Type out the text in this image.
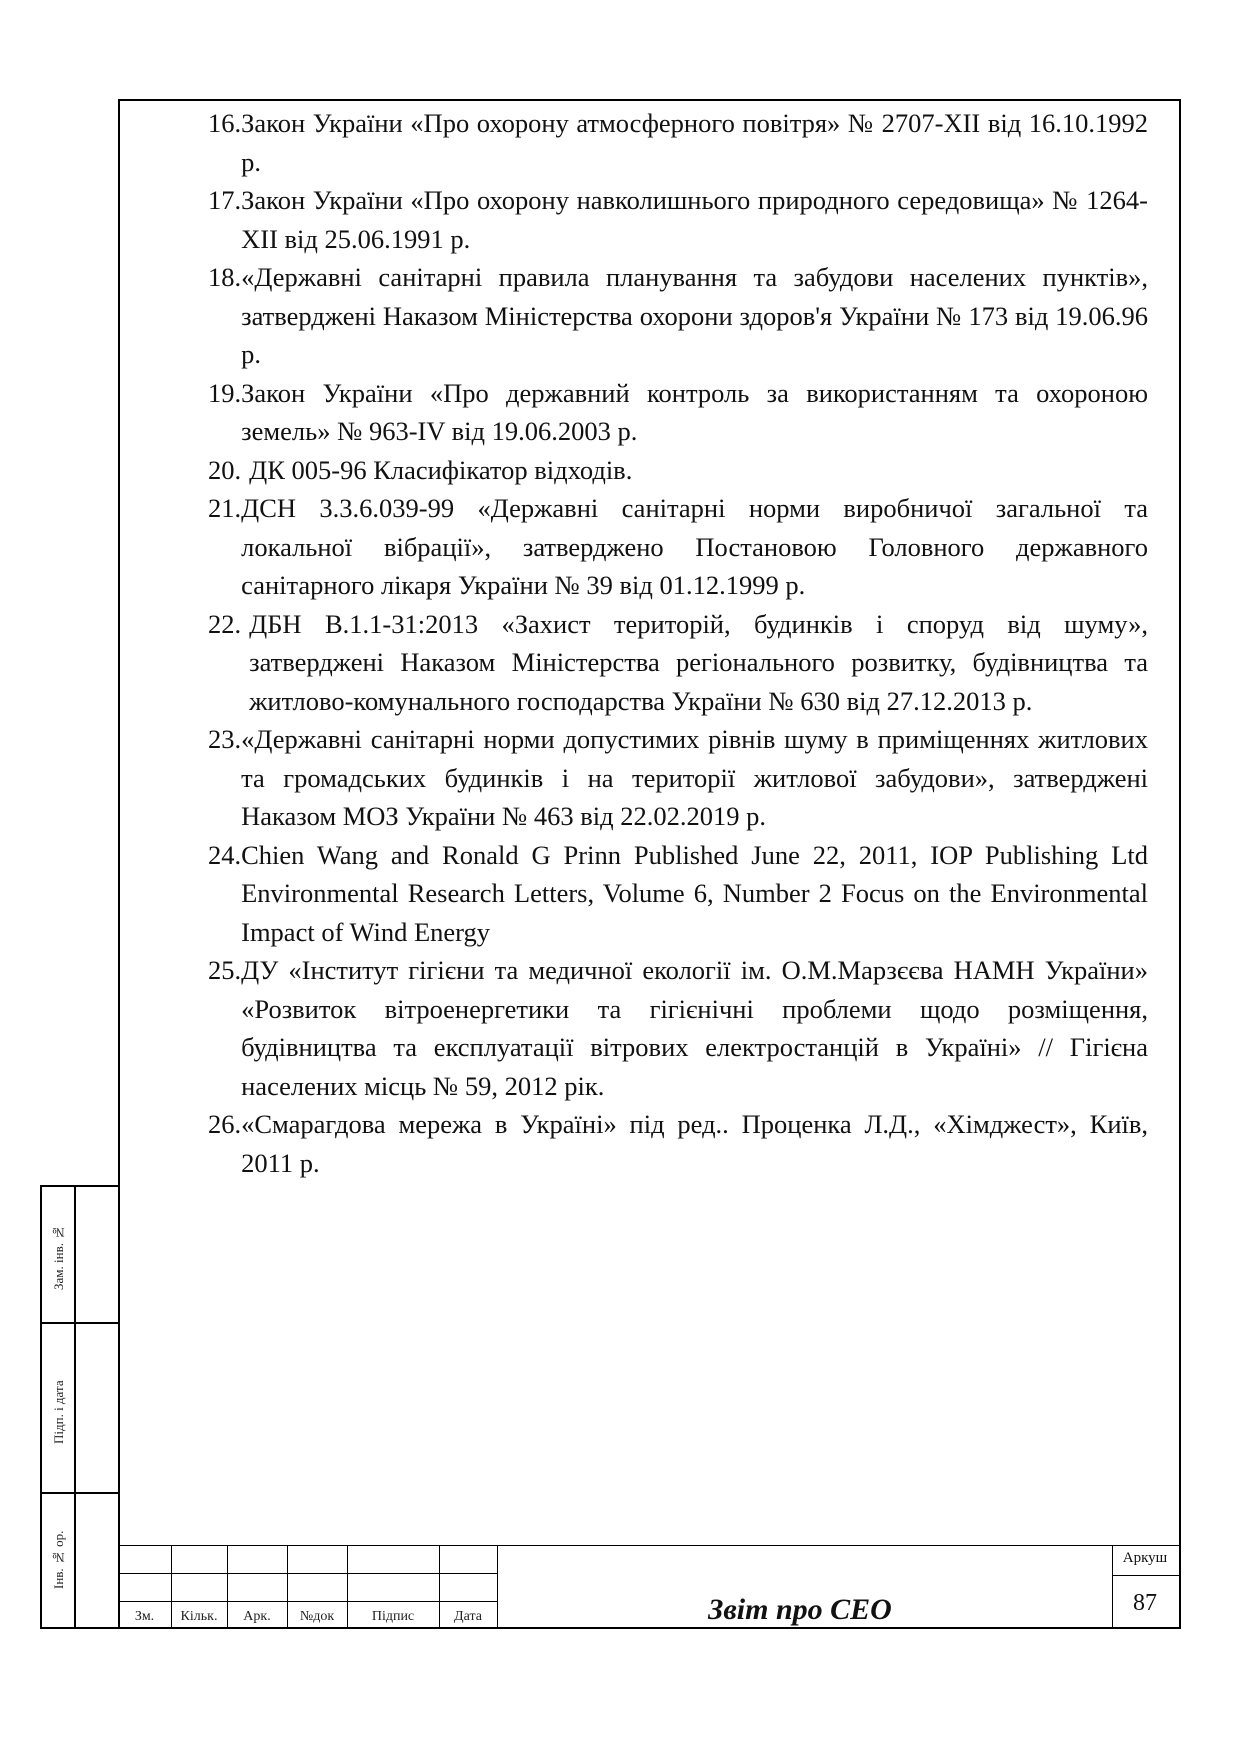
Зам. інв. №
Підп. і дата
Інв. № ор.
16. Закон України «Про охорону атмосферного повітря» № 2707-XII від 16.10.1992 р.
17. Закон України «Про охорону навколишнього природного середовища» № 1264-XII від 25.06.1991 р.
18. «Державні санітарні правила планування та забудови населених пунктів», затверджені Наказом Міністерства охорони здоров'я України № 173 від 19.06.96 р.
19. Закон України «Про державний контроль за використанням та охороною земель» № 963-IV від 19.06.2003 р.
20. ДК 005-96 Класифікатор відходів.
21. ДСН 3.3.6.039-99 «Державні санітарні норми виробничої загальної та локальної вібрації», затверджено Постановою Головного державного санітарного лікаря України № 39 від 01.12.1999 р.
22. ДБН В.1.1-31:2013 «Захист територій, будинків і споруд від шуму», затверджені Наказом Міністерства регіонального розвитку, будівництва та житлово-комунального господарства України № 630 від 27.12.2013 р.
23. «Державні санітарні норми допустимих рівнів шуму в приміщеннях житлових та громадських будинків і на території житлової забудови», затверджені Наказом МОЗ України № 463 від 22.02.2019 р.
24. Chien Wang and Ronald G Prinn Published June 22, 2011, IOP Publishing Ltd Environmental Research Letters, Volume 6, Number 2 Focus on the Environmental Impact of Wind Energy
25. ДУ «Інститут гігієни та медичної екології ім. О.М.Марзєєва НАМН України» «Розвиток вітроенергетики та гігієнічні проблеми щодо розміщення, будівництва та експлуатації вітрових електростанцій в Україні» // Гігієна населених місць № 59, 2012 рік.
26. «Смарагдова мережа в Україні» під ред.. Проценка Л.Д., «Хімджест», Київ, 2011 р.
Зм.	Кільк.	Арк.	№док	Підпис	Дата	Звіт про СЕО
Аркуш
87
